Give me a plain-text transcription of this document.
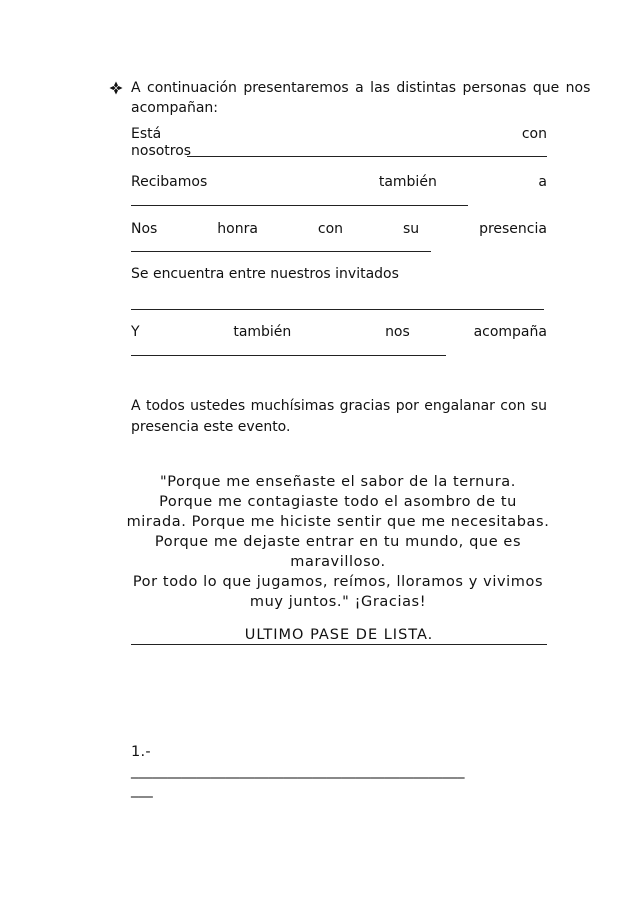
A continuación presentaremos a las distintas personas que nos
acompañan:
Está	con
nosotros
Recibamos	también	a
Nos	honra	con	su	presencia
Se encuentra entre nuestros invitados
Y	también	nos	acompaña
A todos ustedes muchísimas gracias por engalanar con su presencia este evento.
"Porque me enseñaste el sabor de la ternura.
Porque me contagiaste todo el asombro de tu
mirada. Porque me hiciste sentir que me necesitabas.
Porque me dejaste entrar en tu mundo, que es
maravilloso.
Por todo lo que jugamos, reímos, lloramos y vivimos
muy juntos." ¡Gracias!
ULTIMO PASE DE LISTA.
1.-
______________________________________________
___
